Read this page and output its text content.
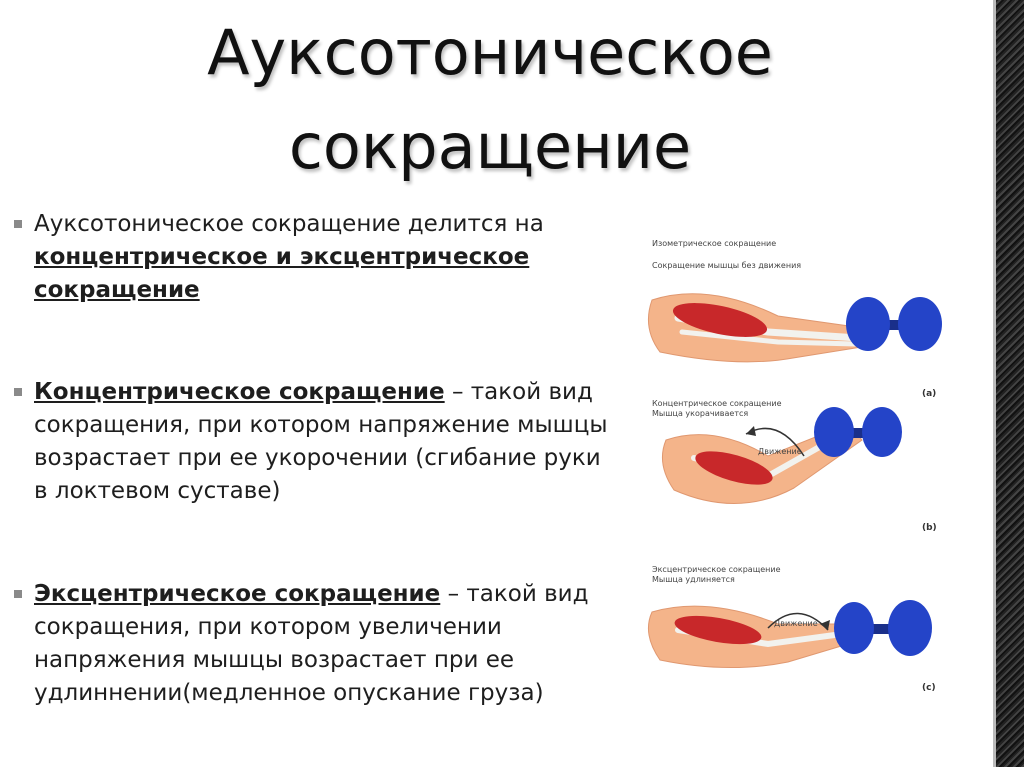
Ауксотоническое сокращение
Ауксотоническое сокращение делится на концентрическое и эксцентрическое сокращение
Концентрическое сокращение – такой вид сокращения, при котором напряжение мышцы возрастает при ее укорочении (сгибание руки в локтевом суставе)
Эксцентрическое сокращение – такой вид сокращения, при котором увеличении напряжения мышцы возрастает при ее удлиннении(медленное опускание груза)
Изометрическое сокращение
Сокращение мышцы без движения
(a)
Концентрическое сокращение
Мышца укорачивается
Движение
(b)
Эксцентрическое сокращение
Мышца удлиняется
Движение
(c)
